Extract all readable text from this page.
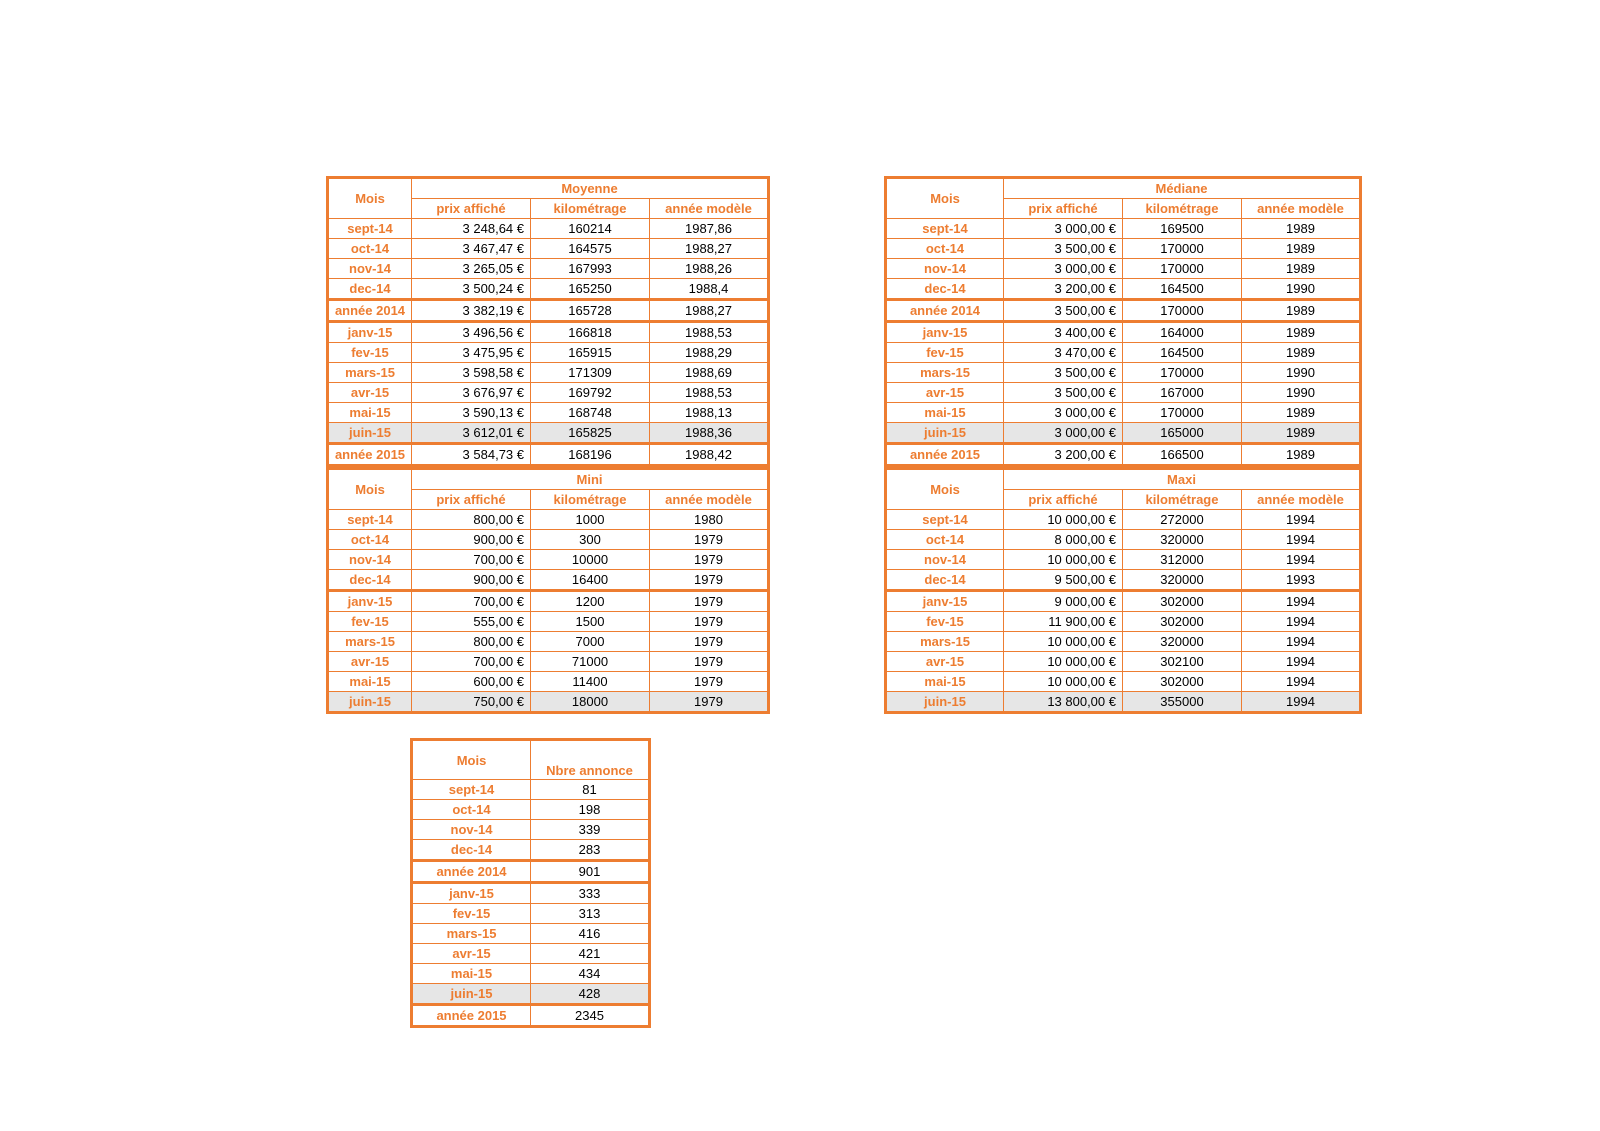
Mois	Moyenne		
	prix affiché	kilométrage	année modèle
sept-14	3 248,64 €	160214	1987,86
oct-14	3 467,47 €	164575	1988,27
nov-14	3 265,05 €	167993	1988,26
dec-14	3 500,24 €	165250	1988,4
année 2014	3 382,19 €	165728	1988,27
janv-15	3 496,56 €	166818	1988,53
fev-15	3 475,95 €	165915	1988,29
mars-15	3 598,58 €	171309	1988,69
avr-15	3 676,97 €	169792	1988,53
mai-15	3 590,13 €	168748	1988,13
juin-15	3 612,01 €	165825	1988,36
année 2015	3 584,73 €	168196	1988,42
Mois	Médiane		
	prix affiché	kilométrage	année modèle
sept-14	3 000,00 €	169500	1989
oct-14	3 500,00 €	170000	1989
nov-14	3 000,00 €	170000	1989
dec-14	3 200,00 €	164500	1990
année 2014	3 500,00 €	170000	1989
janv-15	3 400,00 €	164000	1989
fev-15	3 470,00 €	164500	1989
mars-15	3 500,00 €	170000	1990
avr-15	3 500,00 €	167000	1990
mai-15	3 000,00 €	170000	1989
juin-15	3 000,00 €	165000	1989
année 2015	3 200,00 €	166500	1989
Mois	Mini		
	prix affiché	kilométrage	année modèle
sept-14	800,00 €	1000	1980
oct-14	900,00 €	300	1979
nov-14	700,00 €	10000	1979
dec-14	900,00 €	16400	1979
janv-15	700,00 €	1200	1979
fev-15	555,00 €	1500	1979
mars-15	800,00 €	7000	1979
avr-15	700,00 €	71000	1979
mai-15	600,00 €	11400	1979
juin-15	750,00 €	18000	1979
Mois	Maxi		
	prix affiché	kilométrage	année modèle
sept-14	10 000,00 €	272000	1994
oct-14	8 000,00 €	320000	1994
nov-14	10 000,00 €	312000	1994
dec-14	9 500,00 €	320000	1993
janv-15	9 000,00 €	302000	1994
fev-15	11 900,00 €	302000	1994
mars-15	10 000,00 €	320000	1994
avr-15	10 000,00 €	302100	1994
mai-15	10 000,00 €	302000	1994
juin-15	13 800,00 €	355000	1994
Mois	Nbre annonce
sept-14	81
oct-14	198
nov-14	339
dec-14	283
année 2014	901
janv-15	333
fev-15	313
mars-15	416
avr-15	421
mai-15	434
juin-15	428
année 2015	2345
